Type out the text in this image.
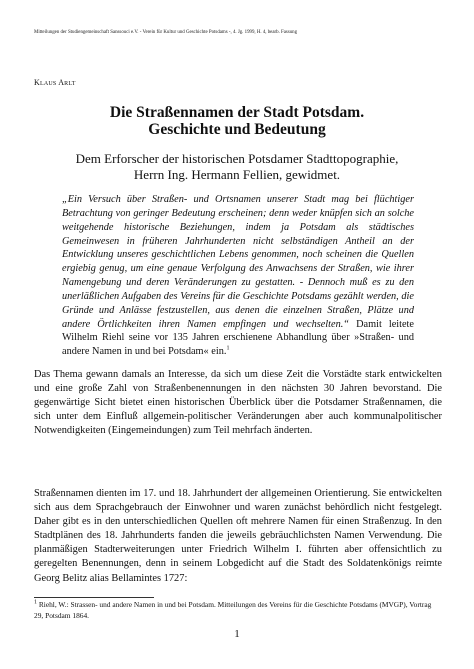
Mitteilungen der Studiengemeinschaft Sanssouci e.V. - Verein für Kultur und Geschichte Potsdams -, 4. Jg. 1999, H. 4, bearb. Fassung
Klaus Arlt
Die Straßennamen der Stadt Potsdam.
Geschichte und Bedeutung
Dem Erforscher der historischen Potsdamer Stadttopographie,
Herrn Ing. Hermann Fellien, gewidmet.
„Ein Versuch über Straßen- und Ortsnamen unserer Stadt mag bei flüchtiger Betrachtung von geringer Bedeutung erscheinen; denn weder knüpfen sich an solche weitgehende historische Beziehungen, indem ja Potsdam als städtisches Gemeinwesen in früheren Jahrhunderten nicht selbständigen Antheil an der Entwicklung unseres geschichtlichen Lebens genommen, noch scheinen die Quellen ergiebig genug, um eine genaue Verfolgung des Anwachsens der Straßen, wie ihrer Namengebung und deren Veränderungen zu gestatten. - Dennoch muß es zu den unerläßlichen Aufgaben des Vereins für die Geschichte Potsdams gezählt werden, die Gründe und Anlässe festzustellen, aus denen die einzelnen Straßen, Plätze und andere Örtlichkeiten ihren Namen empfingen und wechselten.“ Damit leitete Wilhelm Riehl seine vor 135 Jahren erschienene Abhandlung über »Straßen- und andere Namen in und bei Potsdam« ein.$^1$
Das Thema gewann damals an Interesse, da sich um diese Zeit die Vorstädte stark entwickelten und eine große Zahl von Straßenbenennungen in den nächsten 30 Jahren bevorstand. Die gegenwärtige Sicht bietet einen historischen Überblick über die Potsdamer Straßennamen, die sich unter dem Einfluß allgemein-politischer Veränderungen aber auch kommunalpolitischer Notwendigkeiten (Eingemeindungen) zum Teil mehrfach änderten.
Straßennamen dienten im 17. und 18. Jahrhundert der allgemeinen Orientierung. Sie entwickelten sich aus dem Sprachgebrauch der Einwohner und waren zunächst behördlich nicht festgelegt. Daher gibt es in den unterschiedlichen Quellen oft mehrere Namen für einen Straßenzug. In den Stadtplänen des 18. Jahrhunderts fanden die jeweils gebräuchlichsten Namen Verwendung. Die planmäßigen Stadterweiterungen unter Friedrich Wilhelm I. führten aber offensichtlich zu geregelten Benennungen, denn in seinem Lobgedicht auf die Stadt des Soldatenkönigs reimte Georg Belitz alias Bellamintes 1727:
$^1$ Riehl, W.: Strassen- und andere Namen in und bei Potsdam. Mitteilungen des Vereins für die Geschichte Potsdams (MVGP), Vortrag 29, Potsdam 1864.
1
